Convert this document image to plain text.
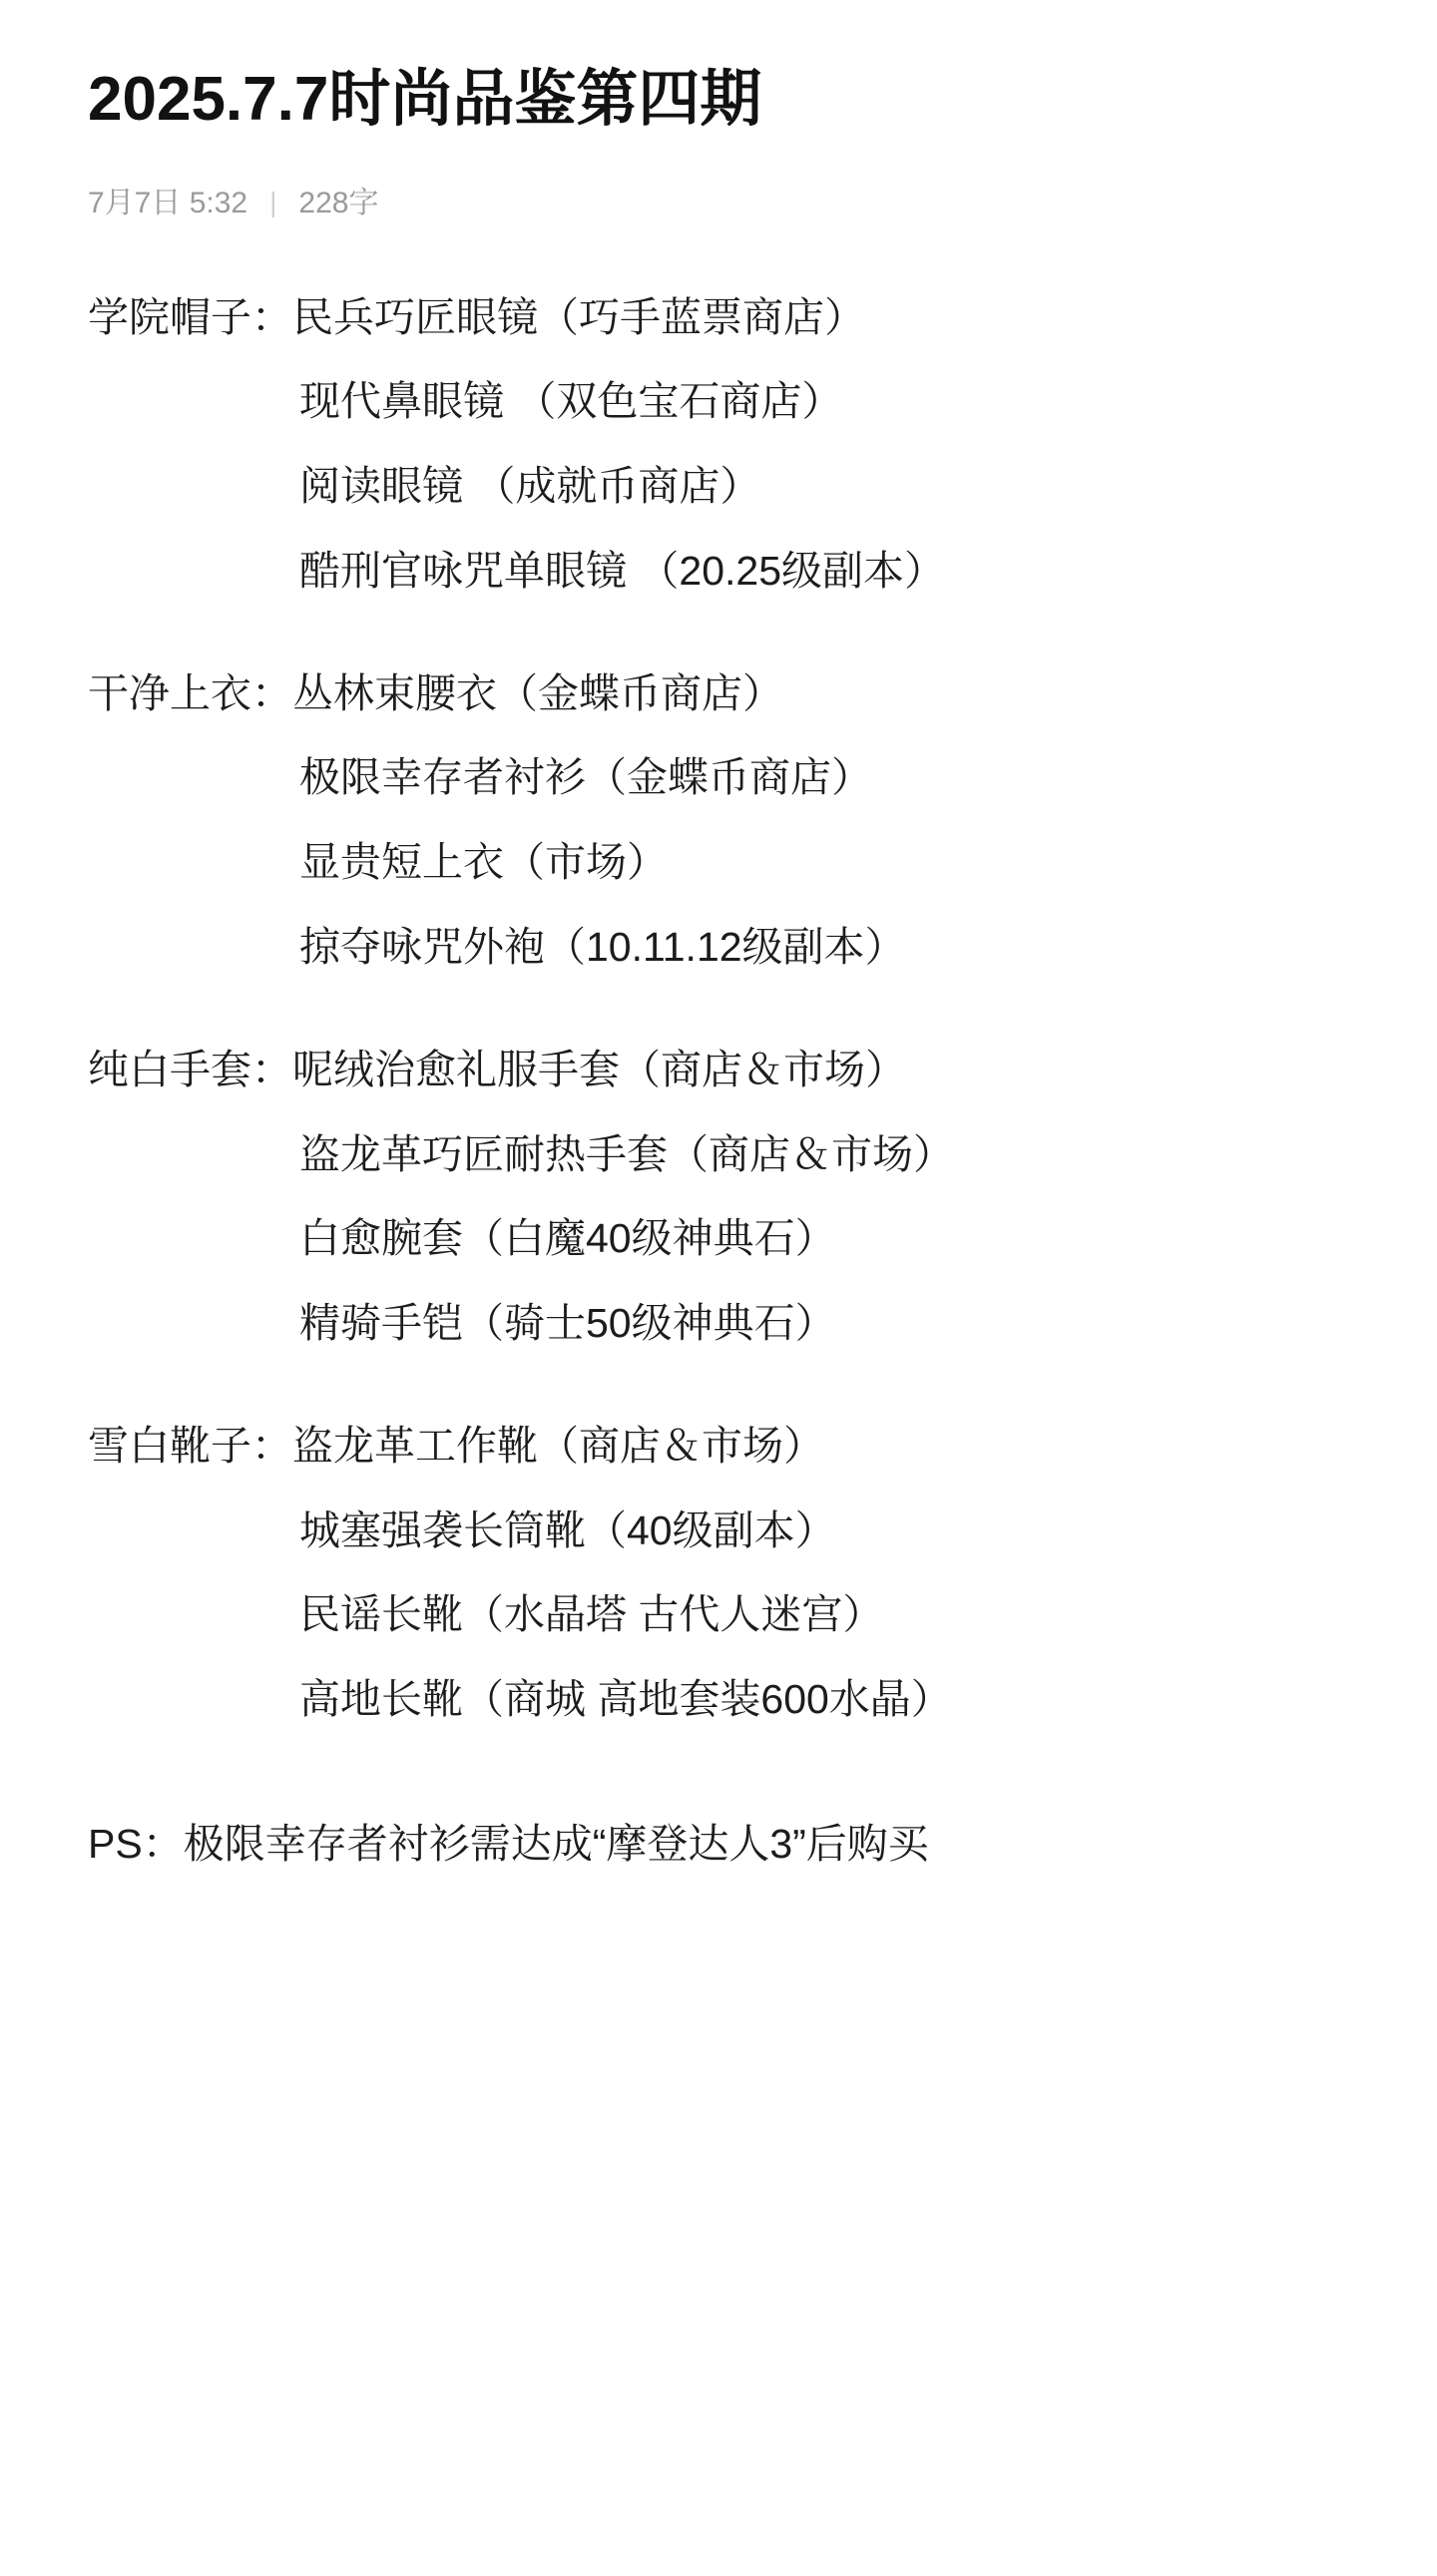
2025.7.7时尚品鉴第四期
7月7日
5:32 | 228字
学院帽子： 民兵巧匠眼镜（巧手蓝票商店）
现代鼻眼镜 （双色宝石商店）
阅读眼镜 （成就币商店）
酷刑官咏咒单眼镜 （20.25级副本）
干净上衣： 丛林束腰衣（金蝶币商店）
极限幸存者衬衫（金蝶币商店）
显贵短上衣（市场）
掠夺咏咒外袍（10.11.12级副本）
纯白手套： 呢绒治愈礼服手套（商店＆市场）
盗龙革巧匠耐热手套（商店＆市场）
白愈腕套（白魔40级神典石）
精骑手铠（骑士50级神典石）
雪白靴子： 盗龙革工作靴（商店＆市场）
城塞强袭长筒靴（40级副本）
民谣长靴（水晶塔 古代人迷宫）
高地长靴（商城 高地套装600水晶）
PS：极限幸存者衬衫需达成“摩登达人3”后购买
